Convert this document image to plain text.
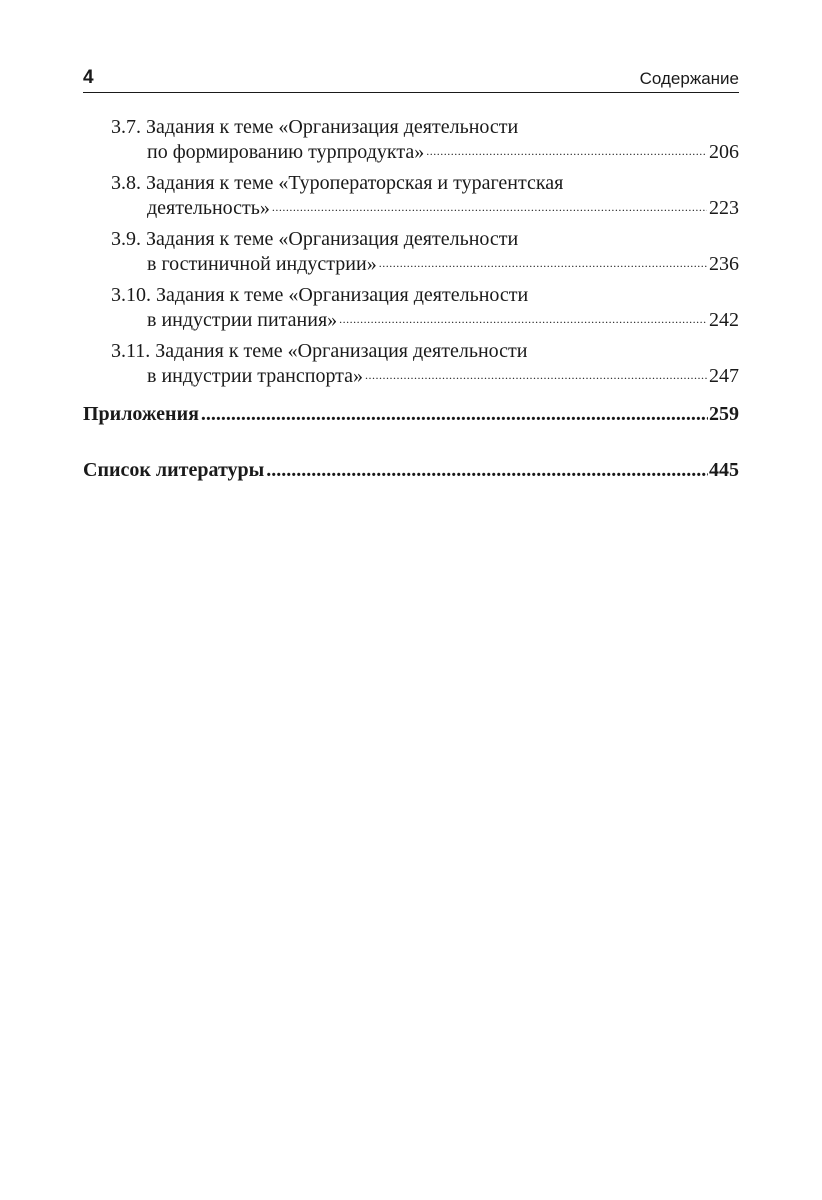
4	Содержание
3.7. Задания к теме «Организация деятельности
по формированию турпродукта» .....	206
3.8. Задания к теме «Туроператорская и турагентская
деятельность» .....	223
3.9. Задания к теме «Организация деятельности
в гостиничной индустрии» .....	236
3.10. Задания к теме «Организация деятельности
в индустрии питания» .....	242
3.11. Задания к теме «Организация деятельности
в индустрии транспорта» .....	247
Приложения .....	259
Список литературы .....	445
